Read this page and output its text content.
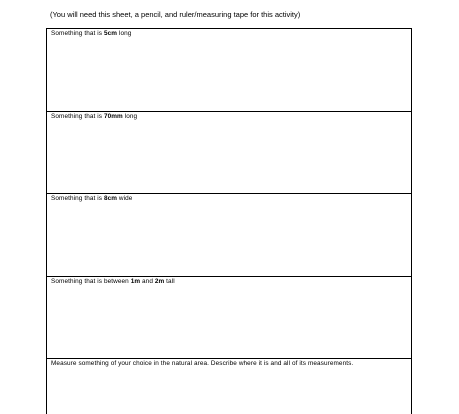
(You will need this sheet, a pencil, and ruler/measuring tape for this activity)
Something that is 5cm long
Something that is 70mm long
Something that is 8cm wide
Something that is between 1m and 2m tall
Measure something of your choice in the natural area. Describe where it is and all of its measurements.
